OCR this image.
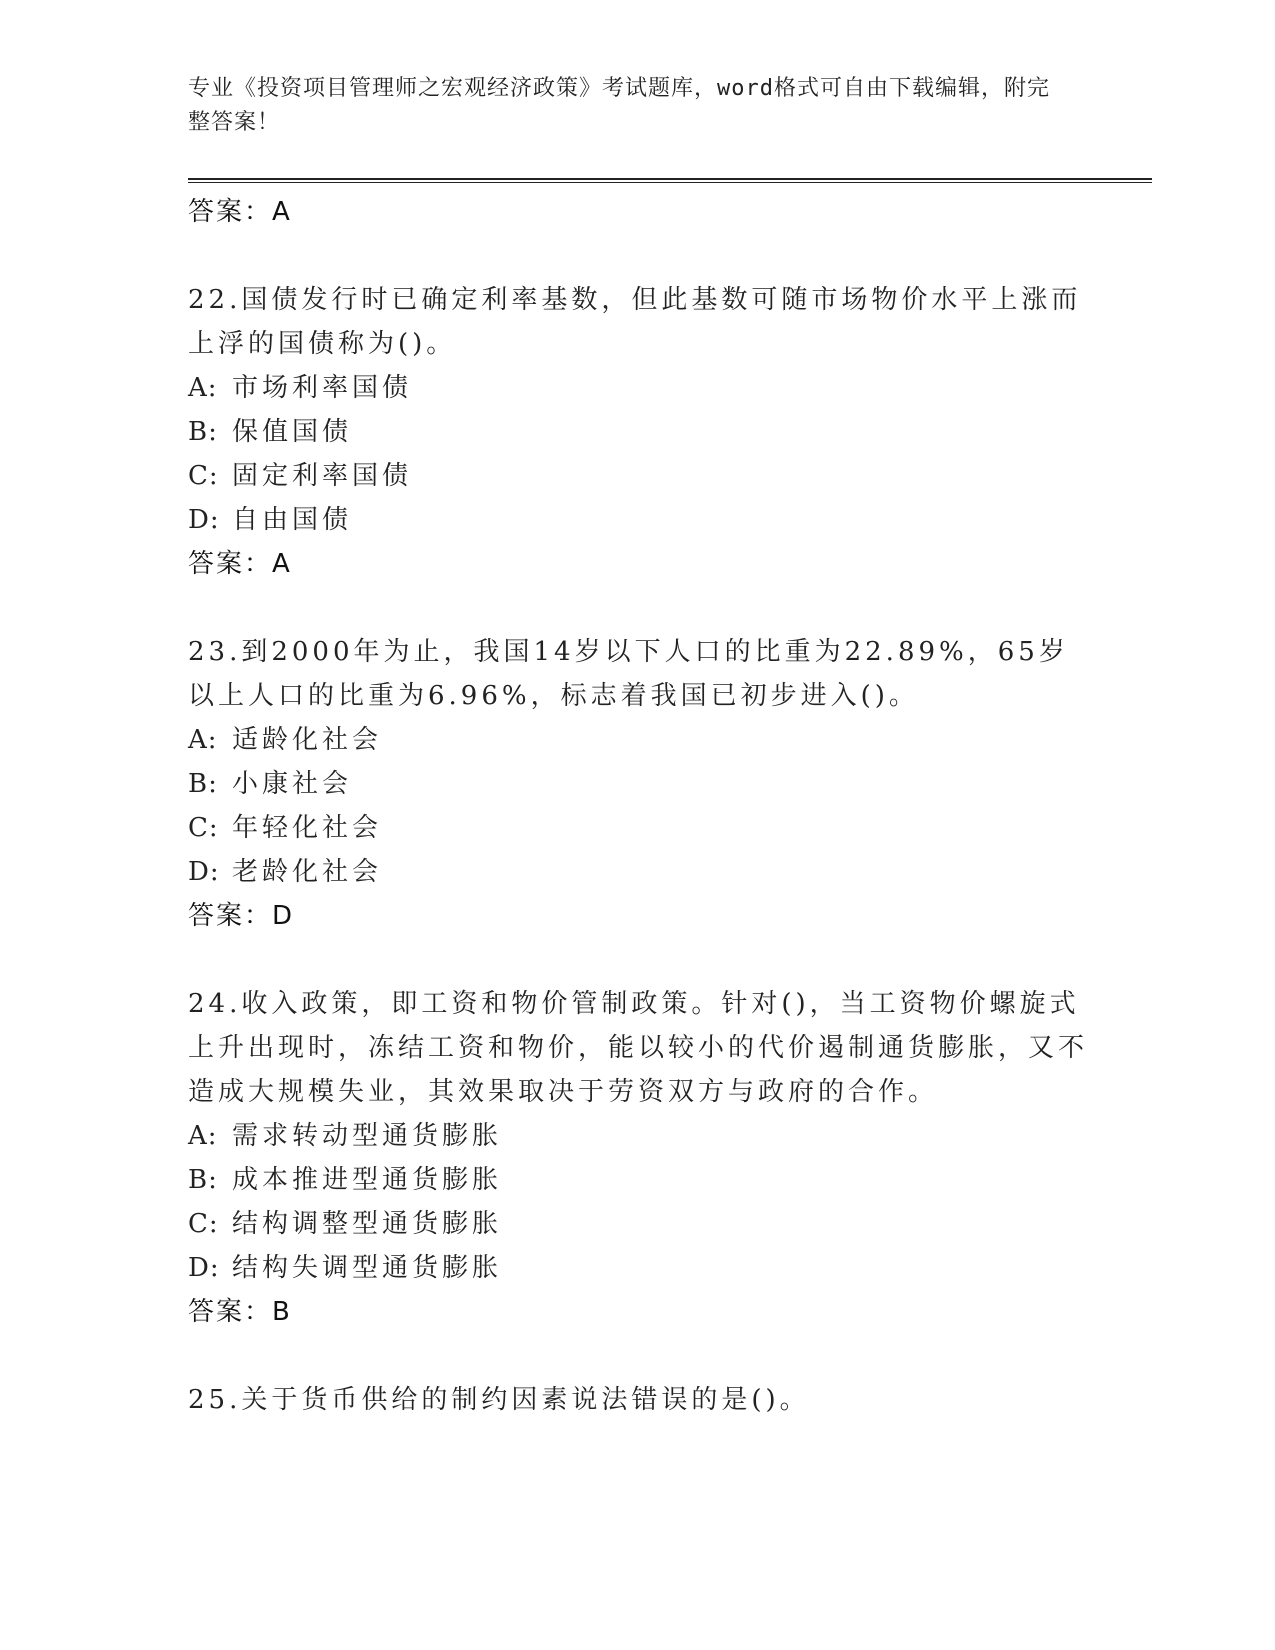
专业《投资项目管理师之宏观经济政策》考试题库，word格式可自由下载编辑，附完整答案！
答案：A
22.国债发行时已确定利率基数，但此基数可随市场物价水平上涨而上浮的国债称为()。
A: 市场利率国债
B: 保值国债
C: 固定利率国债
D: 自由国债
答案：A
23.到2000年为止，我国14岁以下人口的比重为22.89%，65岁以上人口的比重为6.96%，标志着我国已初步进入()。
A: 适龄化社会
B: 小康社会
C: 年轻化社会
D: 老龄化社会
答案：D
24.收入政策，即工资和物价管制政策。针对()，当工资物价螺旋式上升出现时，冻结工资和物价，能以较小的代价遏制通货膨胀，又不造成大规模失业，其效果取决于劳资双方与政府的合作。
A: 需求转动型通货膨胀
B: 成本推进型通货膨胀
C: 结构调整型通货膨胀
D: 结构失调型通货膨胀
答案：B
25.关于货币供给的制约因素说法错误的是()。
